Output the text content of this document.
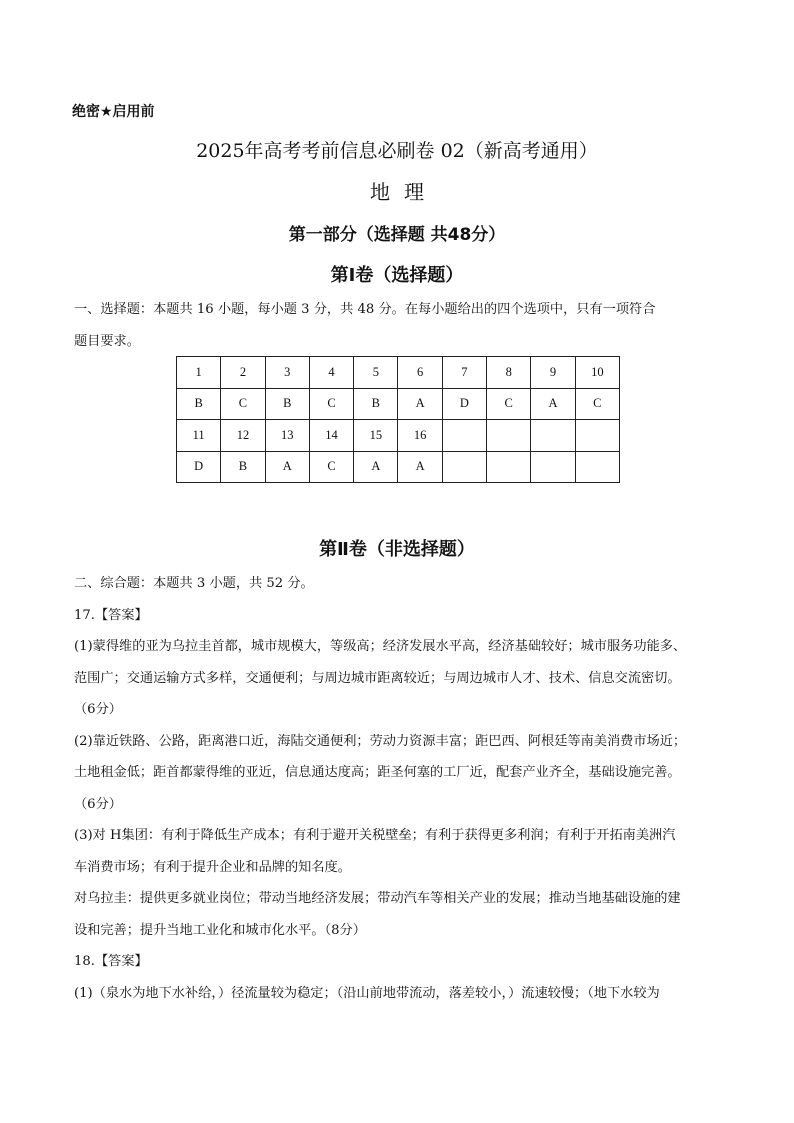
绝密★启用前
2025年高考考前信息必刷卷 02（新高考通用）
地理
第一部分（选择题 共48分）
第Ⅰ卷（选择题）
一、选择题：本题共 16 小题，每小题 3 分，共 48 分。在每小题给出的四个选项中，只有一项符合
题目要求。
1	2	3	4	5	6	7	8	9	10
B	C	B	C	B	A	D	C	A	C
11	12	13	14	15	16				
D	B	A	C	A	A				
第Ⅱ卷（非选择题）
二、综合题：本题共 3 小题，共 52 分。
17.【答案】
(1)蒙得维的亚为乌拉圭首都，城市规模大，等级高；经济发展水平高，经济基础较好；城市服务功能多、
范围广；交通运输方式多样，交通便利；与周边城市距离较近；与周边城市人才、技术、信息交流密切。
（6分）
(2)靠近铁路、公路，距离港口近，海陆交通便利；劳动力资源丰富；距巴西、阿根廷等南美消费市场近；
土地租金低；距首都蒙得维的亚近，信息通达度高；距圣何塞的工厂近，配套产业齐全，基础设施完善。
（6分）
(3)对 H集团：有利于降低生产成本；有利于避开关税壁垒；有利于获得更多利润；有利于开拓南美洲汽
车消费市场；有利于提升企业和品牌的知名度。
对乌拉圭：提供更多就业岗位；带动当地经济发展；带动汽车等相关产业的发展；推动当地基础设施的建
设和完善；提升当地工业化和城市化水平。（8分）
18.【答案】
(1)（泉水为地下水补给，）径流量较为稳定；（沿山前地带流动，落差较小，）流速较慢；（地下水较为
